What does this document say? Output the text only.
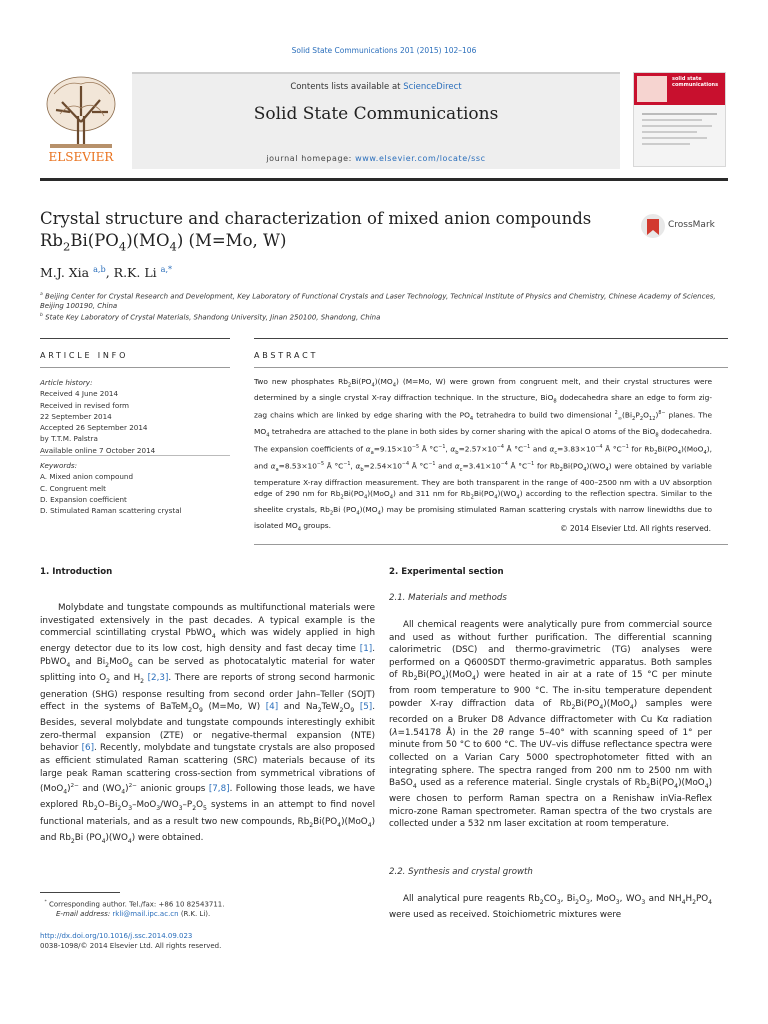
Solid State Communications 201 (2015) 102–106
ELSEVIER
Contents lists available at ScienceDirect
Solid State Communications
journal homepage: www.elsevier.com/locate/ssc
solid state communications
Crystal structure and characterization of mixed anion compounds
$Rb_2Bi(PO_4)(MO_4)$ (M=Mo, W)
CrossMark
M.J. Xia $^{a,b}$, R.K. Li $^{a,*}$
$^a$ Beijing Center for Crystal Research and Development, Key Laboratory of Functional Crystals and Laser Technology, Technical Institute of Physics and Chemistry, Chinese Academy of Sciences, Beijing 100190, China
$^b$ State Key Laboratory of Crystal Materials, Shandong University, Jinan 250100, Shandong, China
ARTICLE INFO	ABSTRACT
Article history:
Received 4 June 2014
Received in revised form
22 September 2014
Accepted 26 September 2014
by T.T.M. Palstra
Available online 7 October 2014
Keywords:
A. Mixed anion compound
C. Congruent melt
D. Expansion coefficient
D. Stimulated Raman scattering crystal
Two new phosphates $Rb_2Bi(PO_4)(MO_4)$ (M=Mo, W) were grown from congruent melt, and their crystal structures were determined by a single crystal X-ray diffraction technique. In the structure, BiO$_8$ dodecahedra share an edge to form zig-zag chains which are linked by edge sharing with the $PO_4$ tetrahedra to build two dimensional $^2_\infty(Bi_2P_2O_{12})^{8-}$ planes. The $MO_4$ tetrahedra are attached to the plane in both sides by corner sharing with the apical O atoms of the BiO$_8$ dodecahedra. The expansion coefficients of $\alpha_a=9.15\times 10^{-5}$ Å $^\circ C^{-1}$, $\alpha_b=2.57\times 10^{-4}$ Å $^\circ C^{-1}$ and $\alpha_c=3.83\times 10^{-4}$ Å $^\circ C^{-1}$ for $Rb_2Bi(PO_4)(MoO_4)$, and $\alpha_a=8.53\times 10^{-5}$ Å $^\circ C^{-1}$, $\alpha_b=2.54\times 10^{-4}$ Å $^\circ C^{-1}$ and $\alpha_c=3.41\times 10^{-4}$ Å $^\circ C^{-1}$ for $Rb_2Bi(PO_4)(WO_4)$ were obtained by variable temperature X-ray diffraction measurement. They are both transparent in the range of 400–2500 nm with a UV absorption edge of 290 nm for $Rb_2Bi(PO_4)(MoO_4)$ and 311 nm for $Rb_2Bi(PO_4)(WO_4)$ according to the reflection spectra. Similar to the sheelite crystals, $Rb_2Bi$ $(PO_4)(MO_4)$ may be promising stimulated Raman scattering crystals with narrow linewidths due to isolated $MO_4$ groups.	© 2014 Elsevier Ltd. All rights reserved.
1. Introduction
Molybdate and tungstate compounds as multifunctional materials were investigated extensively in the past decades. A typical example is the commercial scintillating crystal PbWO$_4$ which was widely applied in high energy detector due to its low cost, high density and fast decay time [1]. PbWO$_4$ and $Bi_2MoO_6$ can be served as photocatalytic material for water splitting into $O_2$ and $H_2$ [2,3]. There are reports of strong second harmonic generation (SHG) response resulting from second order Jahn–Teller (SOJT) effect in the systems of $BaTeM_2O_9$ (M=Mo, W) [4] and $Na_2TeW_2O_9$ [5]. Besides, several molybdate and tungstate compounds interestingly exhibit zero-thermal expansion (ZTE) or negative-thermal expansion (NTE) behavior [6]. Recently, molybdate and tungstate crystals are also proposed as efficient stimulated Raman scattering (SRC) materials because of its large peak Raman scattering cross-section from symmetrical vibrations of $(MoO_4)^{2-}$ and $(WO_4)^{2-}$ anionic groups [7,8]. Following those leads, we have explored $Rb_2O-Bi_2O_3-MoO_3/WO_3-P_2O_5$ systems in an attempt to find novel functional materials, and as a result two new compounds, $Rb_2Bi(PO_4)(MoO_4)$ and $Rb_2Bi$ $(PO_4)(WO_4)$ were obtained.
2. Experimental section
2.1. Materials and methods
All chemical reagents were analytically pure from commercial source and used as without further purification. The differential scanning calorimetric (DSC) and thermo-gravimetric (TG) analyses were performed on a Q600SDT thermo-gravimetric apparatus. Both samples of $Rb_2Bi(PO_4)(MoO_4)$ were heated in air at a rate of 15 °C per minute from room temperature to 900 °C. The in-situ temperature dependent powder X-ray diffraction data of $Rb_2Bi(PO_4)(MoO_4)$ samples were recorded on a Bruker D8 Advance diffractometer with Cu Kα radiation (λ=1.54178 Å) in the 2θ range 5–40° with scanning speed of 1° per minute from 50 °C to 600 °C. The UV–vis diffuse reflectance spectra were collected on a Varian Cary 5000 spectrophotometer fitted with an integrating sphere. The spectra ranged from 200 nm to 2500 nm with BaSO$_4$ used as a reference material. Single crystals of $Rb_2Bi(PO_4)(MoO_4)$ were chosen to perform Raman spectra on a Renishaw inVia-Reflex micro-zone Raman spectrometer. Raman spectra of the two crystals are collected under a 532 nm laser excitation at room temperature.
2.2. Synthesis and crystal growth
All analytical pure reagents $Rb_2CO_3$, $Bi_2O_3$, MoO$_3$, $WO_3$ and $NH_4H_2PO_4$ were used as received. Stoichiometric mixtures were
* Corresponding author. Tel./fax: +86 10 82543711.
E-mail address: rkli@mail.ipc.ac.cn (R.K. Li).
http://dx.doi.org/10.1016/j.ssc.2014.09.023
0038-1098/© 2014 Elsevier Ltd. All rights reserved.
